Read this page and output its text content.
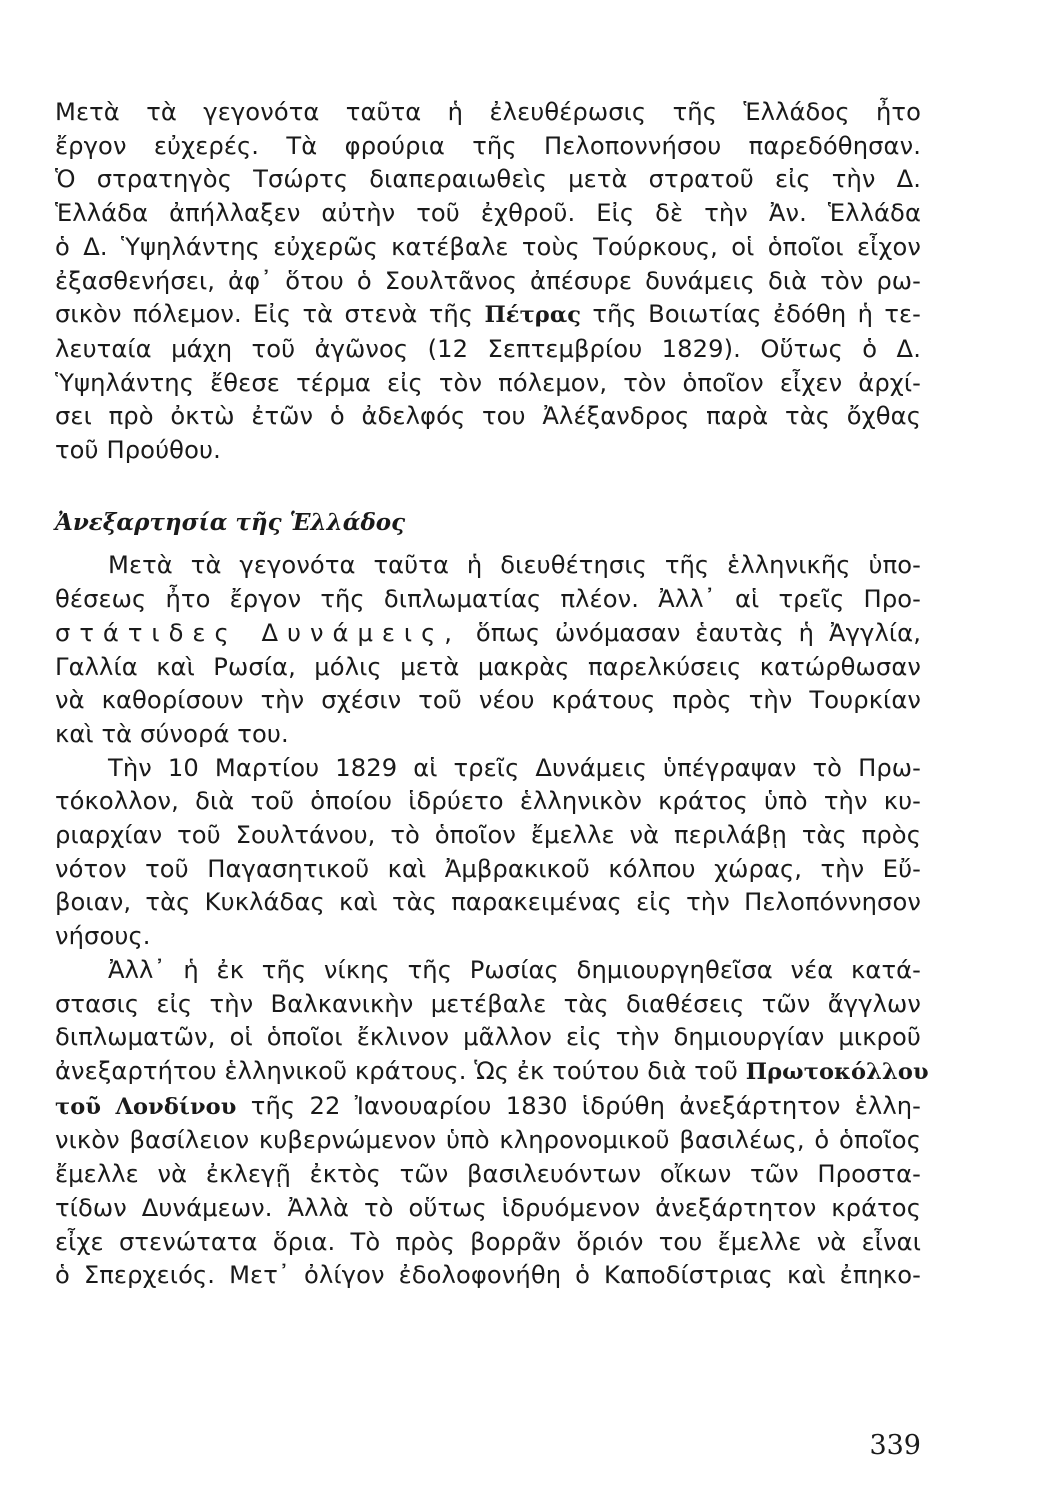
Μετὰ τὰ γεγονότα ταῦτα ἡ ἐλευθέρωσις τῆς Ἑλλάδος ἦτο
ἔργον εὐχερές. Τὰ φρούρια τῆς Πελοποννήσου παρεδόθησαν.
Ὁ στρατηγὸς Τσώρτς διαπεραιωθεὶς μετὰ στρατοῦ εἰς τὴν Δ.
Ἑλλάδα ἀπήλλαξεν αὐτὴν τοῦ ἐχθροῦ. Εἰς δὲ τὴν Ἀν. Ἑλλάδα
ὁ Δ. Ὑψηλάντης εὐχερῶς κατέβαλε τοὺς Τούρκους, οἱ ὁποῖοι εἶχον
ἐξασθενήσει, ἀφ᾽ ὅτου ὁ Σουλτᾶνος ἀπέσυρε δυνάμεις διὰ τὸν ρω-
σικὸν πόλεμον. Εἰς τὰ στενὰ τῆς Πέτρας τῆς Βοιωτίας ἐδόθη ἡ τε-
λευταία μάχη τοῦ ἀγῶνος (12 Σεπτεμβρίου 1829). Οὕτως ὁ Δ.
Ὑψηλάντης ἔθεσε τέρμα εἰς τὸν πόλεμον, τὸν ὁποῖον εἶχεν ἀρχί-
σει πρὸ ὀκτὼ ἐτῶν ὁ ἀδελφός του Ἀλέξανδρος παρὰ τὰς ὄχθας
τοῦ Προύθου.

Ἀνεξαρτησία τῆς Ἑλλάδος

Μετὰ τὰ γεγονότα ταῦτα ἡ διευθέτησις τῆς ἑλληνικῆς ὑπο-
θέσεως ἦτο ἔργον τῆς διπλωματίας πλέον. Ἀλλ᾽ αἱ τρεῖς Προ-
στάτιδες Δυνάμεις, ὅπως ὠνόμασαν ἑαυτὰς ἡ Ἀγγλία,
Γαλλία καὶ Ρωσία, μόλις μετὰ μακρὰς παρελκύσεις κατώρθωσαν
νὰ καθορίσουν τὴν σχέσιν τοῦ νέου κράτους πρὸς τὴν Τουρκίαν
καὶ τὰ σύνορά του.

Τὴν 10 Μαρτίου 1829 αἱ τρεῖς Δυνάμεις ὑπέγραψαν τὸ Πρω-
τόκολλον, διὰ τοῦ ὁποίου ἱδρύετο ἑλληνικὸν κράτος ὑπὸ τὴν κυ-
ριαρχίαν τοῦ Σουλτάνου, τὸ ὁποῖον ἔμελλε νὰ περιλάβῃ τὰς πρὸς
νότον τοῦ Παγασητικοῦ καὶ Ἀμβρακικοῦ κόλπου χώρας, τὴν Εὔ-
βοιαν, τὰς Κυκλάδας καὶ τὰς παρακειμένας εἰς τὴν Πελοπόννησον
νήσους.

Ἀλλ᾽ ἡ ἐκ τῆς νίκης τῆς Ρωσίας δημιουργηθεῖσα νέα κατά-
στασις εἰς τὴν Βαλκανικὴν μετέβαλε τὰς διαθέσεις τῶν ἄγγλων
διπλωματῶν, οἱ ὁποῖοι ἔκλινον μᾶλλον εἰς τὴν δημιουργίαν μικροῦ
ἀνεξαρτήτου ἑλληνικοῦ κράτους. Ὡς ἐκ τούτου διὰ τοῦ Πρωτοκόλλου
τοῦ Λονδίνου τῆς 22 Ἰανουαρίου 1830 ἱδρύθη ἀνεξάρτητον ἑλλη-
νικὸν βασίλειον κυβερνώμενον ὑπὸ κληρονομικοῦ βασιλέως, ὁ ὁποῖος
ἔμελλε νὰ ἐκλεγῇ ἐκτὸς τῶν βασιλευόντων οἴκων τῶν Προστα-
τίδων Δυνάμεων. Ἀλλὰ τὸ οὕτως ἱδρυόμενον ἀνεξάρτητον κράτος
εἶχε στενώτατα ὅρια. Τὸ πρὸς βορρᾶν ὅριόν του ἔμελλε νὰ εἶναι
ὁ Σπερχειός. Μετ᾽ ὀλίγον ἐδολοφονήθη ὁ Καποδίστριας καὶ ἐπηκο-

339
